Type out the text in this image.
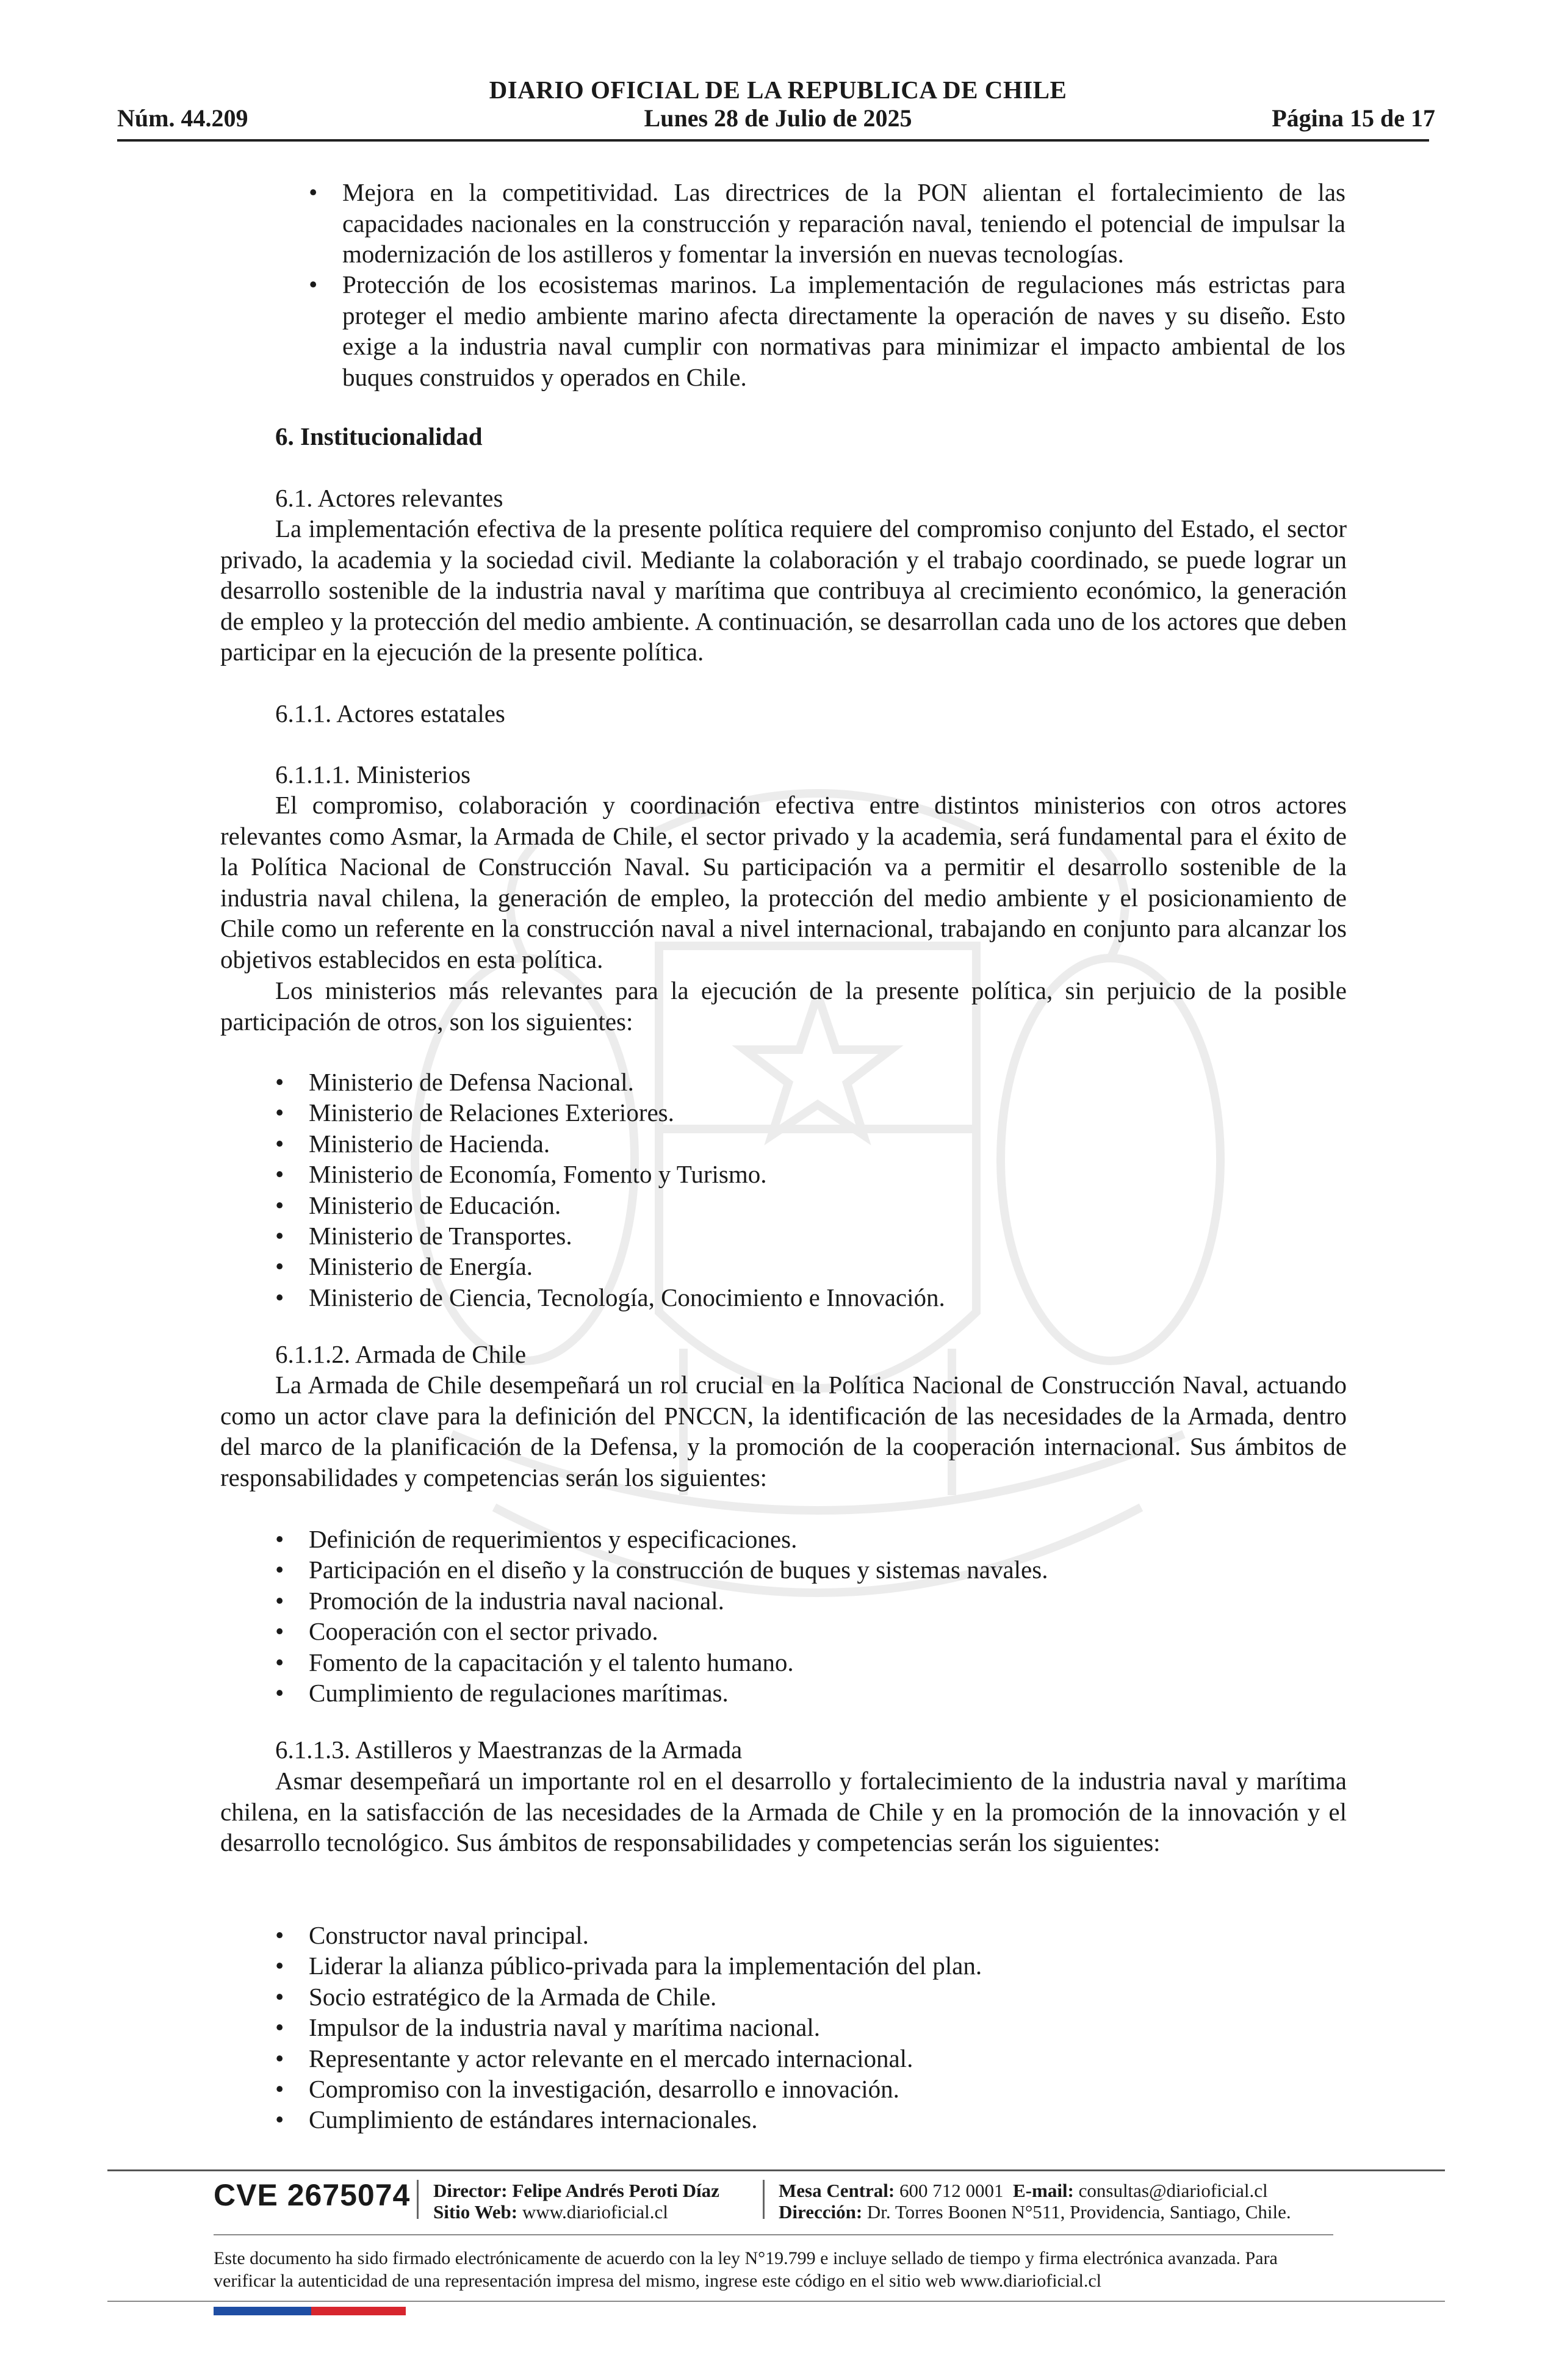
DIARIO OFICIAL DE LA REPUBLICA DE CHILE
Núm. 44.209	Lunes 28 de Julio de 2025	Página 15 de 17
• Mejora en la competitividad. Las directrices de la PON alientan el fortalecimiento de las capacidades nacionales en la construcción y reparación naval, teniendo el potencial de impulsar la modernización de los astilleros y fomentar la inversión en nuevas tecnologías.
• Protección de los ecosistemas marinos. La implementación de regulaciones más estrictas para proteger el medio ambiente marino afecta directamente la operación de naves y su diseño. Esto exige a la industria naval cumplir con normativas para minimizar el impacto ambiental de los buques construidos y operados en Chile.
6. Institucionalidad
6.1. Actores relevantes
La implementación efectiva de la presente política requiere del compromiso conjunto del Estado, el sector privado, la academia y la sociedad civil. Mediante la colaboración y el trabajo coordinado, se puede lograr un desarrollo sostenible de la industria naval y marítima que contribuya al crecimiento económico, la generación de empleo y la protección del medio ambiente. A continuación, se desarrollan cada uno de los actores que deben participar en la ejecución de la presente política.
6.1.1. Actores estatales
6.1.1.1. Ministerios
El compromiso, colaboración y coordinación efectiva entre distintos ministerios con otros actores relevantes como Asmar, la Armada de Chile, el sector privado y la academia, será fundamental para el éxito de la Política Nacional de Construcción Naval. Su participación va a permitir el desarrollo sostenible de la industria naval chilena, la generación de empleo, la protección del medio ambiente y el posicionamiento de Chile como un referente en la construcción naval a nivel internacional, trabajando en conjunto para alcanzar los objetivos establecidos en esta política.
Los ministerios más relevantes para la ejecución de la presente política, sin perjuicio de la posible participación de otros, son los siguientes:
• Ministerio de Defensa Nacional.
• Ministerio de Relaciones Exteriores.
• Ministerio de Hacienda.
• Ministerio de Economía, Fomento y Turismo.
• Ministerio de Educación.
• Ministerio de Transportes.
• Ministerio de Energía.
• Ministerio de Ciencia, Tecnología, Conocimiento e Innovación.
6.1.1.2. Armada de Chile
La Armada de Chile desempeñará un rol crucial en la Política Nacional de Construcción Naval, actuando como un actor clave para la definición del PNCCN, la identificación de las necesidades de la Armada, dentro del marco de la planificación de la Defensa, y la promoción de la cooperación internacional. Sus ámbitos de responsabilidades y competencias serán los siguientes:
• Definición de requerimientos y especificaciones.
• Participación en el diseño y la construcción de buques y sistemas navales.
• Promoción de la industria naval nacional.
• Cooperación con el sector privado.
• Fomento de la capacitación y el talento humano.
• Cumplimiento de regulaciones marítimas.
6.1.1.3. Astilleros y Maestranzas de la Armada
Asmar desempeñará un importante rol en el desarrollo y fortalecimiento de la industria naval y marítima chilena, en la satisfacción de las necesidades de la Armada de Chile y en la promoción de la innovación y el desarrollo tecnológico. Sus ámbitos de responsabilidades y competencias serán los siguientes:
• Constructor naval principal.
• Liderar la alianza público-privada para la implementación del plan.
• Socio estratégico de la Armada de Chile.
• Impulsor de la industria naval y marítima nacional.
• Representante y actor relevante en el mercado internacional.
• Compromiso con la investigación, desarrollo e innovación.
• Cumplimiento de estándares internacionales.
CVE 2675074 Director: Felipe Andrés Peroti Díaz
Sitio Web: www.diarioficial.cl
Mesa Central: 600 712 0001 E-mail: consultas@diarioficial.cl
Dirección: Dr. Torres Boonen N°511, Providencia, Santiago, Chile.
Este documento ha sido firmado electrónicamente de acuerdo con la ley N°19.799 e incluye sellado de tiempo y firma electrónica avanzada. Para verificar la autenticidad de una representación impresa del mismo, ingrese este código en el sitio web www.diarioficial.cl
